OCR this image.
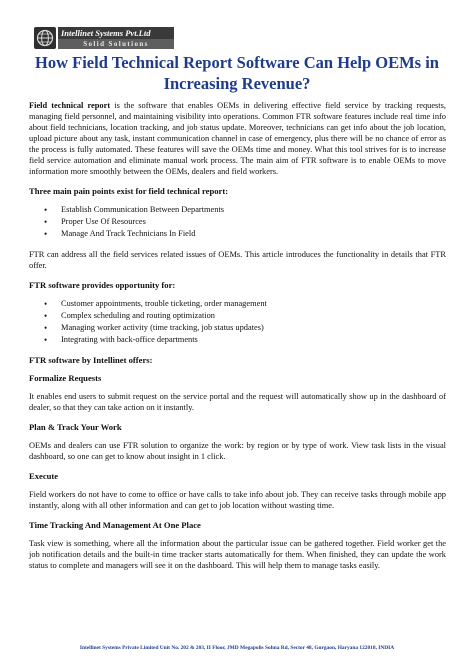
Intellinet Systems Pvt.Ltd
Solid Solutions
How Field Technical Report Software Can Help OEMs in Increasing Revenue?

Field technical report is the software that enables OEMs in delivering effective field service by tracking requests, managing field personnel, and maintaining visibility into operations. Common FTR software features include real time info about field technicians, location tracking, and job status update. Moreover, technicians can get info about the job location, upload picture about any task, instant communication channel in case of emergency, plus there will be no chance of error as the process is fully automated. These features will save the OEMs time and money. What this tool strives for is to increase field service automation and eliminate manual work process. The main aim of FTR software is to enable OEMs to move information more smoothly between the OEMs, dealers and field workers.

Three main pain points exist for field technical report:
• Establish Communication Between Departments
• Proper Use Of Resources
• Manage And Track Technicians In Field

FTR can address all the field services related issues of OEMs. This article introduces the functionality in details that FTR offer.

FTR software provides opportunity for:
• Customer appointments, trouble ticketing, order management
• Complex scheduling and routing optimization
• Managing worker activity (time tracking, job status updates)
• Integrating with back-office departments
FTR software by Intellinet offers:
Formalize Requests

It enables end users to submit request on the service portal and the request will automatically show up in the dashboard of dealer, so that they can take action on it instantly.

Plan & Track Your Work

OEMs and dealers can use FTR solution to organize the work: by region or by type of work. View task lists in the visual dashboard, so one can get to know about insight in 1 click.

Execute

Field workers do not have to come to office or have calls to take info about job. They can receive tasks through mobile app instantly, along with all other information and can get to job location without wasting time.

Time Tracking And Management At One Place

Task view is something, where all the information about the particular issue can be gathered together. Field worker get the job notification details and the built-in time tracker starts automatically for them. When finished, they can update the work status to complete and managers will see it on the dashboard. This will help them to manage tasks easily.

Intellinet Systems Private Limited Unit No. 202 & 203, II Floor, JMD Megapolis Sohna Rd, Sector 48, Gurgaon, Haryana 122018, INDIA
